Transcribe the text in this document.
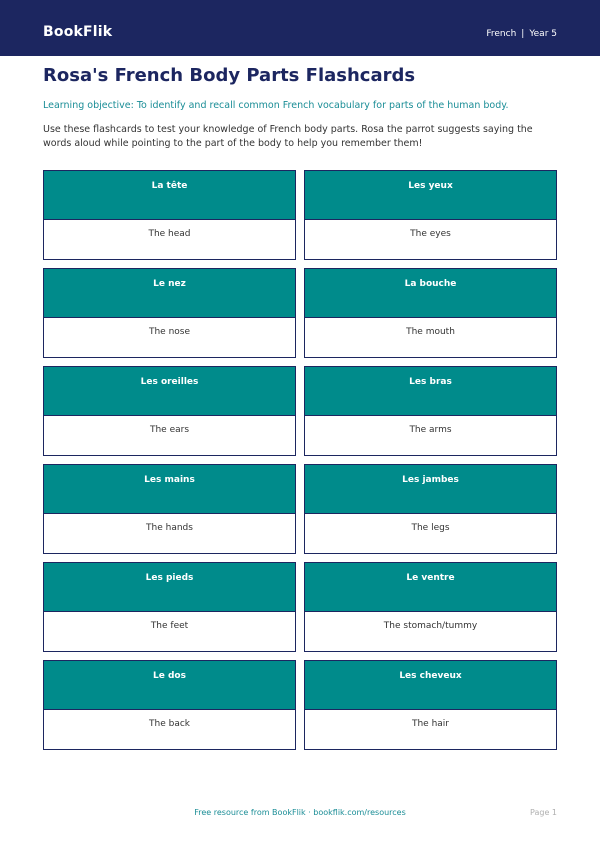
BookFlik	French | Year 5
Rosa's French Body Parts Flashcards

Learning objective: To identify and recall common French vocabulary for parts of the human body.

Use these flashcards to test your knowledge of French body parts. Rosa the parrot suggests saying the words aloud while pointing to the part of the body to help you remember them!

La tête
The head
Les yeux
The eyes
Le nez
The nose
La bouche
The mouth
Les oreilles
The ears
Les bras
The arms
Les mains
The hands
Les jambes
The legs
Les pieds
The feet
Le ventre
The stomach/tummy
Le dos
The back
Les cheveux
The hair
Free resource from BookFlik · bookflik.com/resources	Page 1
